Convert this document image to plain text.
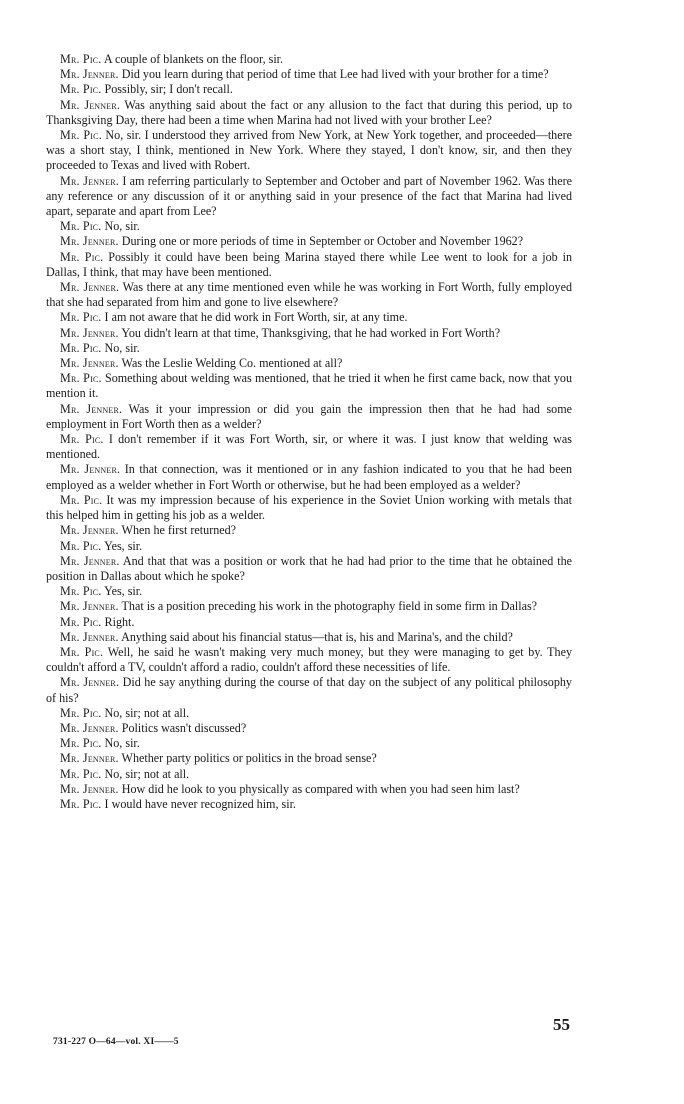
Mr. Pic. A couple of blankets on the floor, sir.

Mr. Jenner. Did you learn during that period of time that Lee had lived with your brother for a time?

Mr. Pic. Possibly, sir; I don't recall.

Mr. Jenner. Was anything said about the fact or any allusion to the fact that during this period, up to Thanksgiving Day, there had been a time when Marina had not lived with your brother Lee?

Mr. Pic. No, sir. I understood they arrived from New York, at New York together, and proceeded—there was a short stay, I think, mentioned in New York. Where they stayed, I don't know, sir, and then they proceeded to Texas and lived with Robert.

Mr. Jenner. I am referring particularly to September and October and part of November 1962. Was there any reference or any discussion of it or anything said in your presence of the fact that Marina had lived apart, separate and apart from Lee?

Mr. Pic. No, sir.

Mr. Jenner. During one or more periods of time in September or October and November 1962?

Mr. Pic. Possibly it could have been being Marina stayed there while Lee went to look for a job in Dallas, I think, that may have been mentioned.

Mr. Jenner. Was there at any time mentioned even while he was working in Fort Worth, fully employed that she had separated from him and gone to live elsewhere?

Mr. Pic. I am not aware that he did work in Fort Worth, sir, at any time.

Mr. Jenner. You didn't learn at that time, Thanksgiving, that he had worked in Fort Worth?

Mr. Pic. No, sir.

Mr. Jenner. Was the Leslie Welding Co. mentioned at all?

Mr. Pic. Something about welding was mentioned, that he tried it when he first came back, now that you mention it.

Mr. Jenner. Was it your impression or did you gain the impression then that he had had some employment in Fort Worth then as a welder?

Mr. Pic. I don't remember if it was Fort Worth, sir, or where it was. I just know that welding was mentioned.

Mr. Jenner. In that connection, was it mentioned or in any fashion indicated to you that he had been employed as a welder whether in Fort Worth or otherwise, but he had been employed as a welder?

Mr. Pic. It was my impression because of his experience in the Soviet Union working with metals that this helped him in getting his job as a welder.

Mr. Jenner. When he first returned?

Mr. Pic. Yes, sir.

Mr. Jenner. And that that was a position or work that he had had prior to the time that he obtained the position in Dallas about which he spoke?

Mr. Pic. Yes, sir.

Mr. Jenner. That is a position preceding his work in the photography field in some firm in Dallas?

Mr. Pic. Right.

Mr. Jenner. Anything said about his financial status—that is, his and Marina's, and the child?

Mr. Pic. Well, he said he wasn't making very much money, but they were managing to get by. They couldn't afford a TV, couldn't afford a radio, couldn't afford these necessities of life.

Mr. Jenner. Did he say anything during the course of that day on the subject of any political philosophy of his?

Mr. Pic. No, sir; not at all.

Mr. Jenner. Politics wasn't discussed?

Mr. Pic. No, sir.

Mr. Jenner. Whether party politics or politics in the broad sense?

Mr. Pic. No, sir; not at all.

Mr. Jenner. How did he look to you physically as compared with when you had seen him last?

Mr. Pic. I would have never recognized him, sir.

55
731-227 O—64—vol. XI——5
